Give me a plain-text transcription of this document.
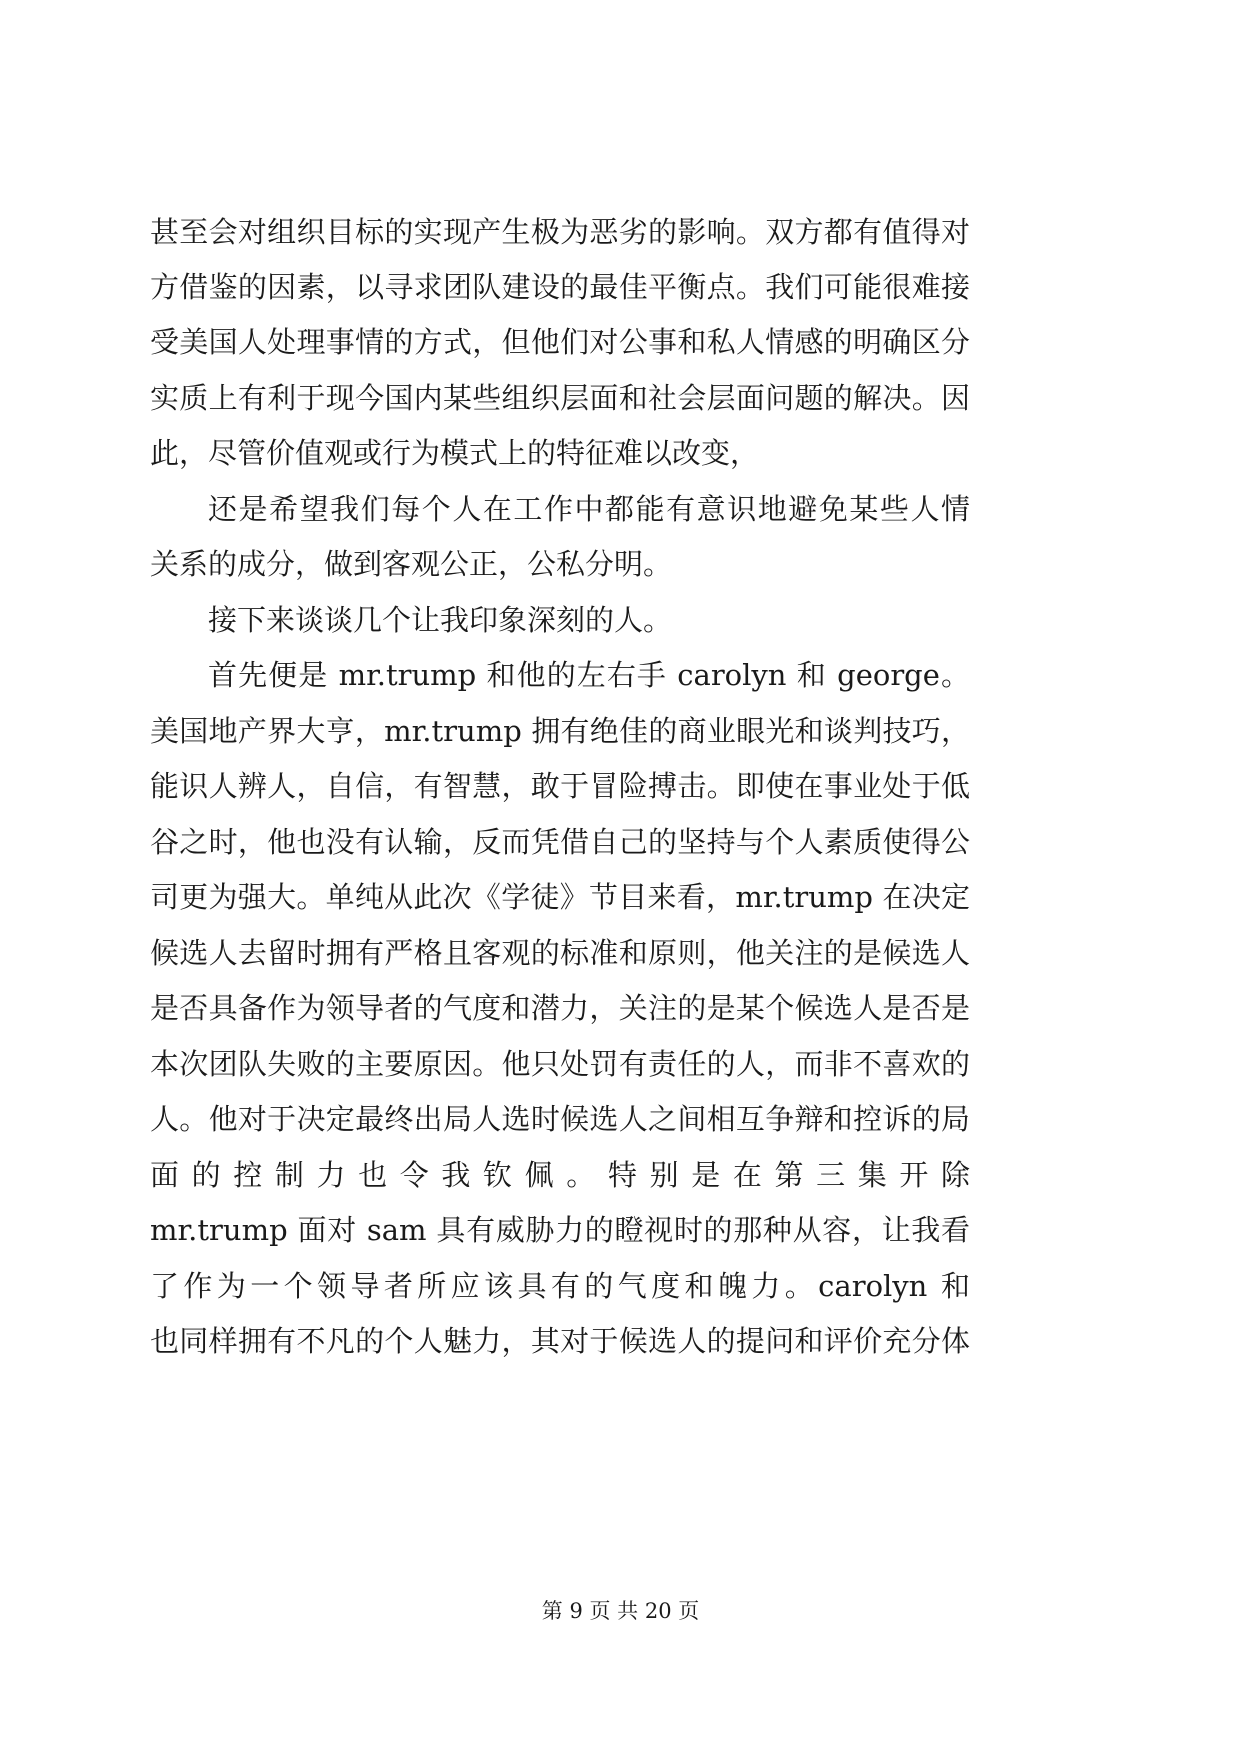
甚至会对组织目标的实现产生极为恶劣的影响。双方都有值得对
方借鉴的因素，以寻求团队建设的最佳平衡点。我们可能很难接
受美国人处理事情的方式，但他们对公事和私人情感的明确区分
实质上有利于现今国内某些组织层面和社会层面问题的解决。因
此，尽管价值观或行为模式上的特征难以改变，
还是希望我们每个人在工作中都能有意识地避免某些人情
关系的成分，做到客观公正，公私分明。
接下来谈谈几个让我印象深刻的人。
首先便是 mr.trump 和他的左右手 carolyn 和 george。
美国地产界大亨，mr.trump 拥有绝佳的商业眼光和谈判技巧，
能识人辨人，自信，有智慧，敢于冒险搏击。即使在事业处于低
谷之时，他也没有认输，反而凭借自己的坚持与个人素质使得公
司更为强大。单纯从此次《学徒》节目来看，mr.trump 在决定
候选人去留时拥有严格且客观的标准和原则，他关注的是候选人
是否具备作为领导者的气度和潜力，关注的是某个候选人是否是
本次团队失败的主要原因。他只处罚有责任的人，而非不喜欢的
人。他对于决定最终出局人选时候选人之间相互争辩和控诉的局
面 的 控 制 力 也 令 我 钦 佩 。 特 别 是 在 第 三 集 开 除
mr.trump 面对 sam 具有威胁力的瞪视时的那种从容，让我看
了作为一个领导者所应该具有的气度和魄力。carolyn 和
也同样拥有不凡的个人魅力，其对于候选人的提问和评价充分体
第 9 页 共 20 页
